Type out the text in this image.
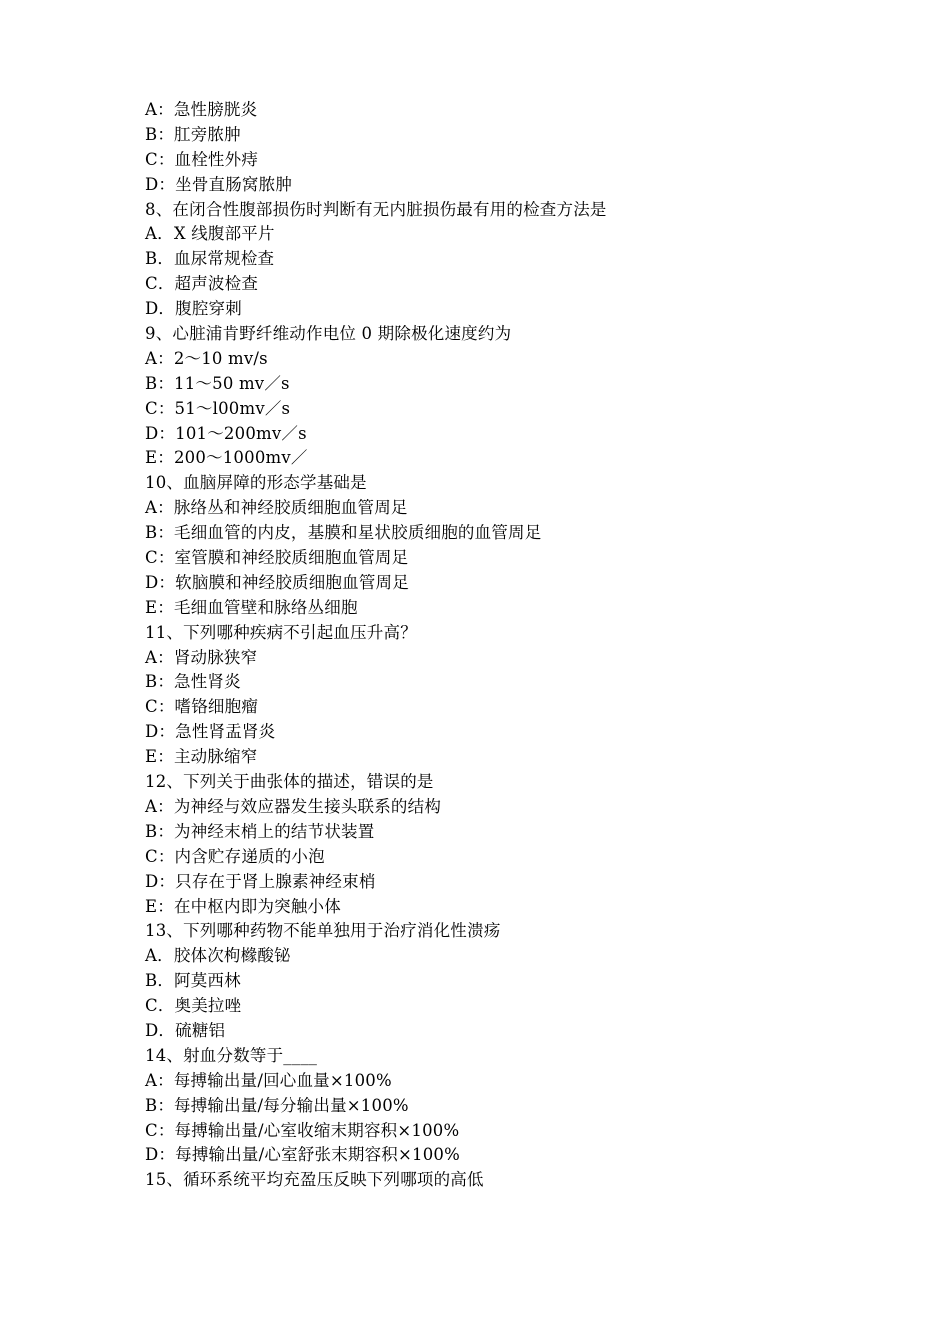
A：急性膀胱炎
B：肛旁脓肿
C：血栓性外痔
D：坐骨直肠窝脓肿
8、在闭合性腹部损伤时判断有无内脏损伤最有用的检查方法是
A．X 线腹部平片
B．血尿常规检查
C．超声波检查
D．腹腔穿刺
9、心脏浦肯野纤维动作电位 0 期除极化速度约为
A：2～10 mv/s
B：11～50 mv／s
C：51～l00mv／s
D：101～200mv／s
E：200～1000mv／
10、血脑屏障的形态学基础是
A：脉络丛和神经胶质细胞血管周足
B：毛细血管的内皮，基膜和星状胶质细胞的血管周足
C：室管膜和神经胶质细胞血管周足
D：软脑膜和神经胶质细胞血管周足
E：毛细血管壁和脉络丛细胞
11、下列哪种疾病不引起血压升高？
A：肾动脉狭窄
B：急性肾炎
C：嗜铬细胞瘤
D：急性肾盂肾炎
E：主动脉缩窄
12、下列关于曲张体的描述，错误的是
A：为神经与效应器发生接头联系的结构
B：为神经末梢上的结节状装置
C：内含贮存递质的小泡
D：只存在于肾上腺素神经束梢
E：在中枢内即为突触小体
13、下列哪种药物不能单独用于治疗消化性溃疡
A．胶体次枸橼酸铋
B．阿莫西林
C．奥美拉唑
D．硫糖铝
14、射血分数等于____
A：每搏输出量/回心血量×100%
B：每搏输出量/每分输出量×100%
C：每搏输出量/心室收缩末期容积×100%
D：每搏输出量/心室舒张末期容积×100%
15、循环系统平均充盈压反映下列哪项的高低
